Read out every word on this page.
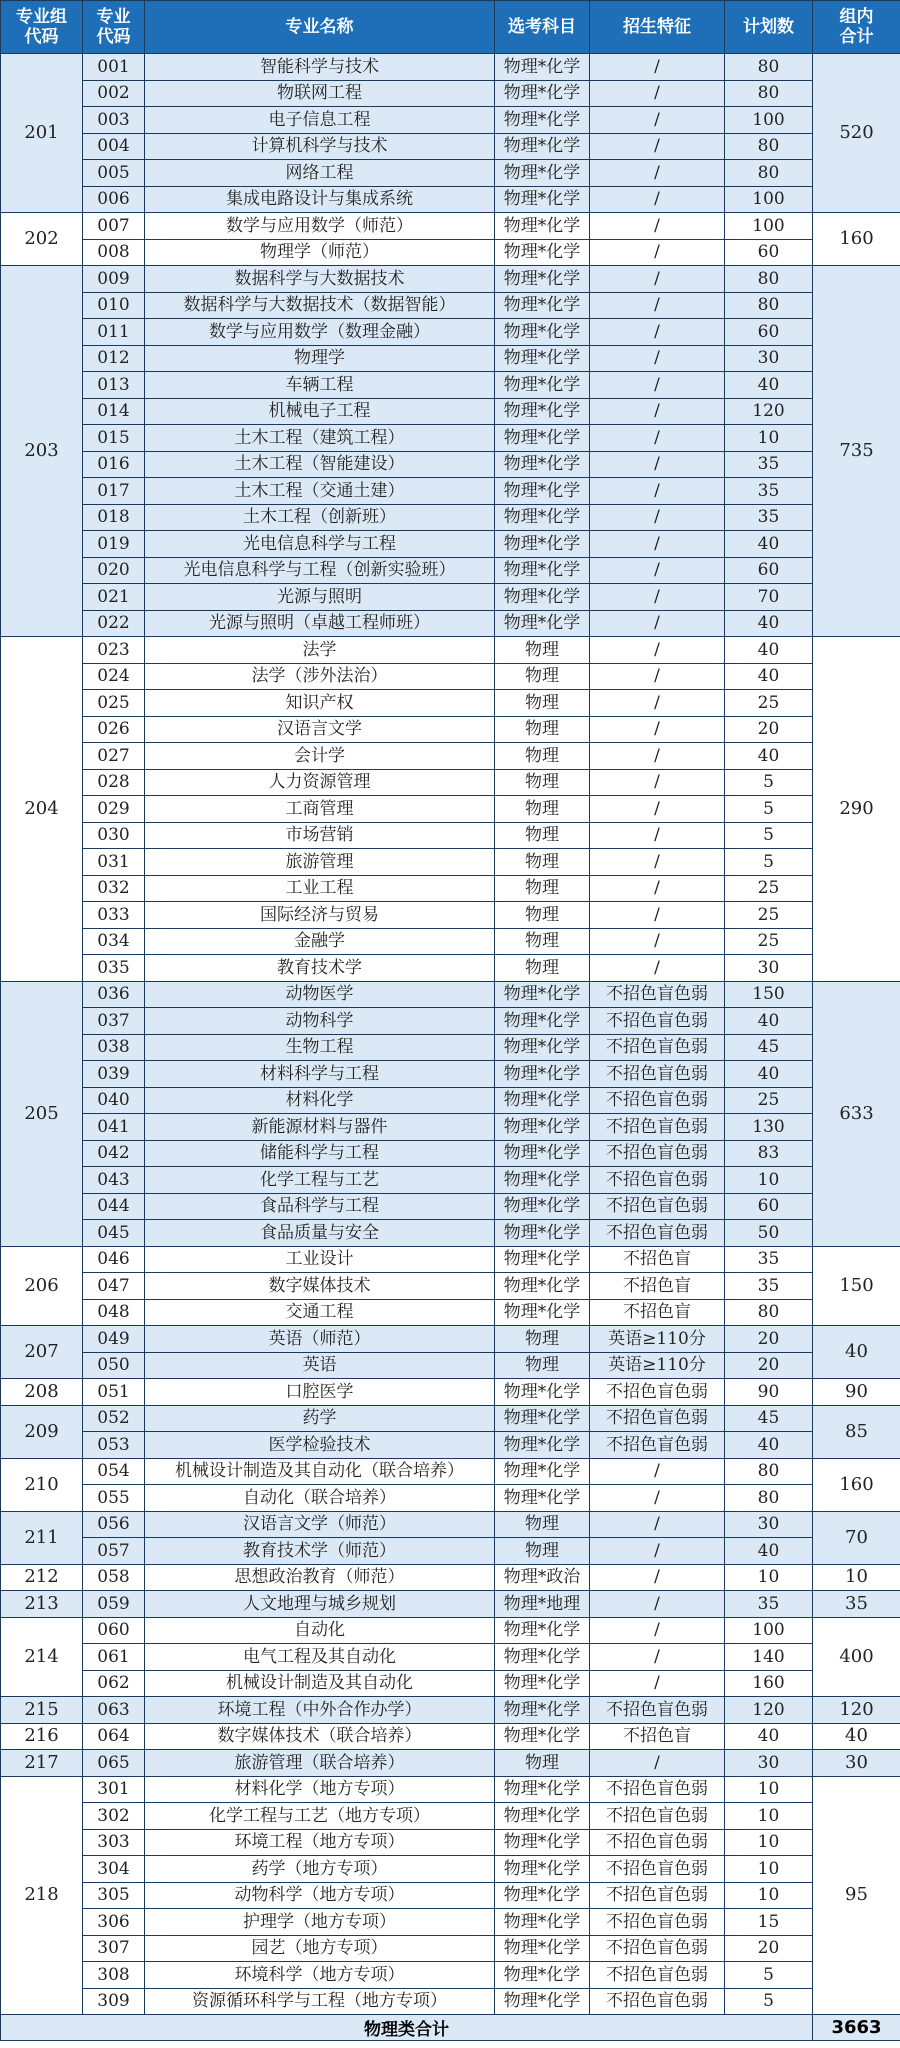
专业组
代码	专业
代码	专业名称	选考科目	招生特征	计划数	组内
合计
201	001	智能科学与技术	物理*化学	/	80	520
	002	物联网工程	物理*化学	/	80	
	003	电子信息工程	物理*化学	/	100	
	004	计算机科学与技术	物理*化学	/	80	
	005	网络工程	物理*化学	/	80	
	006	集成电路设计与集成系统	物理*化学	/	100	
202	007	数学与应用数学（师范）	物理*化学	/	100	160
	008	物理学（师范）	物理*化学	/	60	
203	009	数据科学与大数据技术	物理*化学	/	80	735
	010	数据科学与大数据技术（数据智能）	物理*化学	/	80	
	011	数学与应用数学（数理金融）	物理*化学	/	60	
	012	物理学	物理*化学	/	30	
	013	车辆工程	物理*化学	/	40	
	014	机械电子工程	物理*化学	/	120	
	015	土木工程（建筑工程）	物理*化学	/	10	
	016	土木工程（智能建设）	物理*化学	/	35	
	017	土木工程（交通土建）	物理*化学	/	35	
	018	土木工程（创新班）	物理*化学	/	35	
	019	光电信息科学与工程	物理*化学	/	40	
	020	光电信息科学与工程（创新实验班）	物理*化学	/	60	
	021	光源与照明	物理*化学	/	70	
	022	光源与照明（卓越工程师班）	物理*化学	/	40	
204	023	法学	物理	/	40	290
	024	法学（涉外法治）	物理	/	40	
	025	知识产权	物理	/	25	
	026	汉语言文学	物理	/	20	
	027	会计学	物理	/	40	
	028	人力资源管理	物理	/	5	
	029	工商管理	物理	/	5	
	030	市场营销	物理	/	5	
	031	旅游管理	物理	/	5	
	032	工业工程	物理	/	25	
	033	国际经济与贸易	物理	/	25	
	034	金融学	物理	/	25	
	035	教育技术学	物理	/	30	
205	036	动物医学	物理*化学	不招色盲色弱	150	633
	037	动物科学	物理*化学	不招色盲色弱	40	
	038	生物工程	物理*化学	不招色盲色弱	45	
	039	材料科学与工程	物理*化学	不招色盲色弱	40	
	040	材料化学	物理*化学	不招色盲色弱	25	
	041	新能源材料与器件	物理*化学	不招色盲色弱	130	
	042	储能科学与工程	物理*化学	不招色盲色弱	83	
	043	化学工程与工艺	物理*化学	不招色盲色弱	10	
	044	食品科学与工程	物理*化学	不招色盲色弱	60	
	045	食品质量与安全	物理*化学	不招色盲色弱	50	
206	046	工业设计	物理*化学	不招色盲	35	150
	047	数字媒体技术	物理*化学	不招色盲	35	
	048	交通工程	物理*化学	不招色盲	80	
207	049	英语（师范）	物理	英语≥110分	20	40
	050	英语	物理	英语≥110分	20	
208	051	口腔医学	物理*化学	不招色盲色弱	90	90
209	052	药学	物理*化学	不招色盲色弱	45	85
	053	医学检验技术	物理*化学	不招色盲色弱	40	
210	054	机械设计制造及其自动化（联合培养）	物理*化学	/	80	160
	055	自动化（联合培养）	物理*化学	/	80	
211	056	汉语言文学（师范）	物理	/	30	70
	057	教育技术学（师范）	物理	/	40	
212	058	思想政治教育（师范）	物理*政治	/	10	10
213	059	人文地理与城乡规划	物理*地理	/	35	35
214	060	自动化	物理*化学	/	100	400
	061	电气工程及其自动化	物理*化学	/	140	
	062	机械设计制造及其自动化	物理*化学	/	160	
215	063	环境工程（中外合作办学）	物理*化学	不招色盲色弱	120	120
216	064	数字媒体技术（联合培养）	物理*化学	不招色盲	40	40
217	065	旅游管理（联合培养）	物理	/	30	30
218	301	材料化学（地方专项）	物理*化学	不招色盲色弱	10	95
	302	化学工程与工艺（地方专项）	物理*化学	不招色盲色弱	10	
	303	环境工程（地方专项）	物理*化学	不招色盲色弱	10	
	304	药学（地方专项）	物理*化学	不招色盲色弱	10	
	305	动物科学（地方专项）	物理*化学	不招色盲色弱	10	
	306	护理学（地方专项）	物理*化学	不招色盲色弱	15	
	307	园艺（地方专项）	物理*化学	不招色盲色弱	20	
	308	环境科学（地方专项）	物理*化学	不招色盲色弱	5	
	309	资源循环科学与工程（地方专项）	物理*化学	不招色盲色弱	5	
物理类合计						3663
